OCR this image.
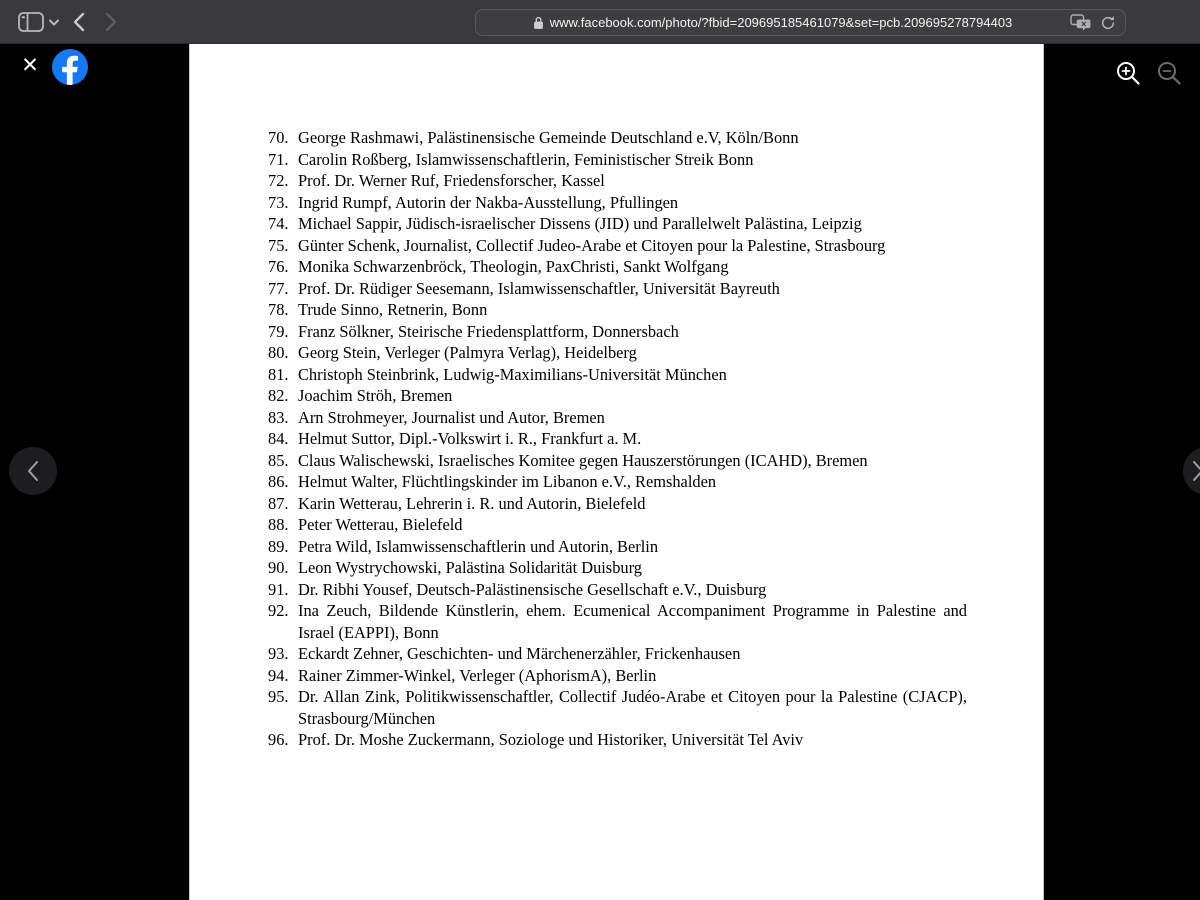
www.facebook.com/photo/?fbid=209695185461079&set=pcb.209695278794403
70. George Rashmawi, Palästinensische Gemeinde Deutschland e.V, Köln/Bonn
71. Carolin Roßberg, Islamwissenschaftlerin, Feministischer Streik Bonn
72. Prof. Dr. Werner Ruf, Friedensforscher, Kassel
73. Ingrid Rumpf, Autorin der Nakba-Ausstellung, Pfullingen
74. Michael Sappir, Jüdisch-israelischer Dissens (JID) und Parallelwelt Palästina, Leipzig
75. Günter Schenk, Journalist, Collectif Judeo-Arabe et Citoyen pour la Palestine, Strasbourg
76. Monika Schwarzenbröck, Theologin, PaxChristi, Sankt Wolfgang
77. Prof. Dr. Rüdiger Seesemann, Islamwissenschaftler, Universität Bayreuth
78. Trude Sinno, Retnerin, Bonn
79. Franz Sölkner, Steirische Friedensplattform, Donnersbach
80. Georg Stein, Verleger (Palmyra Verlag), Heidelberg
81. Christoph Steinbrink, Ludwig-Maximilians-Universität München
82. Joachim Ströh, Bremen
83. Arn Strohmeyer, Journalist und Autor, Bremen
84. Helmut Suttor, Dipl.-Volkswirt i. R., Frankfurt a. M.
85. Claus Walischewski, Israelisches Komitee gegen Hauszerstörungen (ICAHD), Bremen
86. Helmut Walter, Flüchtlingskinder im Libanon e.V., Remshalden
87. Karin Wetterau, Lehrerin i. R. und Autorin, Bielefeld
88. Peter Wetterau, Bielefeld
89. Petra Wild, Islamwissenschaftlerin und Autorin, Berlin
90. Leon Wystrychowski, Palästina Solidarität Duisburg
91. Dr. Ribhi Yousef, Deutsch-Palästinensische Gesellschaft e.V., Duisburg
92. Ina Zeuch, Bildende Künstlerin, ehem. Ecumenical Accompaniment Programme in Palestine and Israel (EAPPI), Bonn
93. Eckardt Zehner, Geschichten- und Märchenerzähler, Frickenhausen
94. Rainer Zimmer-Winkel, Verleger (AphorismA), Berlin
95. Dr. Allan Zink, Politikwissenschaftler, Collectif Judéo-Arabe et Citoyen pour la Palestine (CJACP), Strasbourg/München
96. Prof. Dr. Moshe Zuckermann, Soziologe und Historiker, Universität Tel Aviv
✕
